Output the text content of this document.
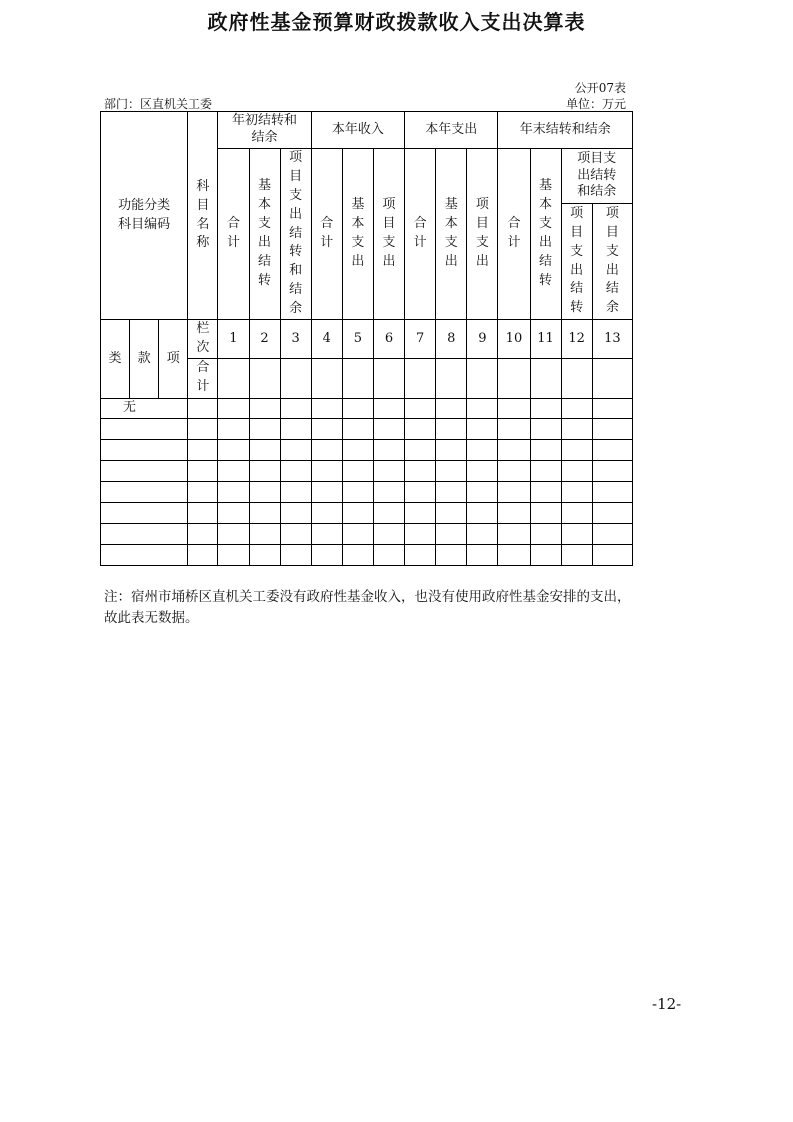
政府性基金预算财政拨款收入支出决算表
公开07表
部门：区直机关工委	单位：万元
功能分类科目编码			科目名称	年初结转和结余			本年收入			本年支出			年末结转和结余			
				合计	基本支出结转	项目支出结转和结余	合计	基本支出	项目支出	合计	基本支出	项目支出	合计	基本支出结转	项目支出结转和结余	
															项目支出结转	项目支出结余
类	款	项	栏次	1	2	3	4	5	6	7	8	9	10	11	12	13
			合计													
无																

注：宿州市埇桥区直机关工委没有政府性基金收入，也没有使用政府性基金安排的支出，故此表无数据。
-12-
